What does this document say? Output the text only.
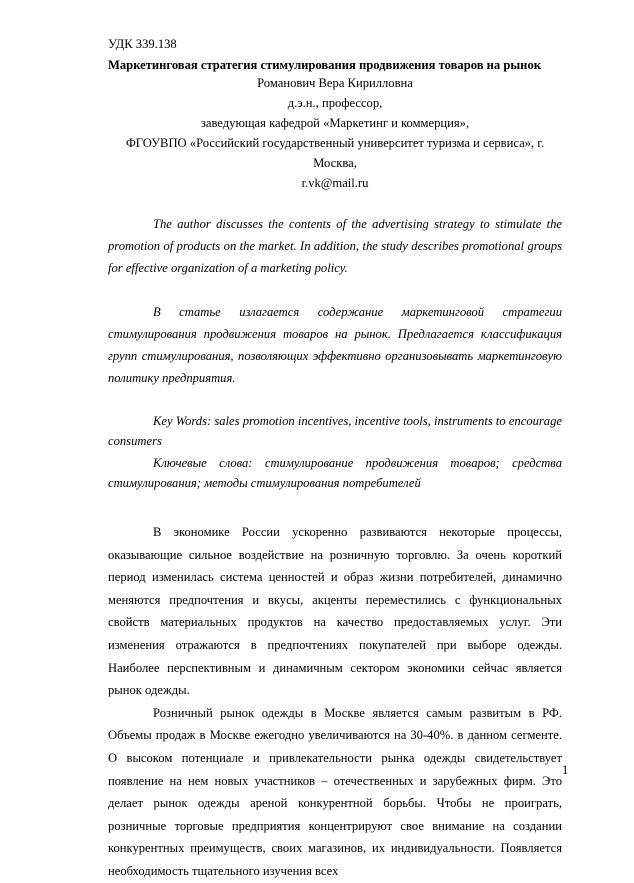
УДК 339.138

Маркетинговая стратегия стимулирования продвижения товаров на рынок

Романович Вера Кирилловна

д.э.н., профессор,

заведующая кафедрой «Маркетинг и коммерция»,

ФГОУВПО «Российский государственный университет туризма и сервиса», г. Москва,

r.vk@mail.ru

The author discusses the contents of the advertising strategy to stimulate the promotion of products on the market. In addition, the study describes promotional groups for effective organization of a marketing policy.

В статье излагается содержание маркетинговой стратегии стимулирования продвижения товаров на рынок. Предлагается классификация групп стимулирования, позволяющих эффективно организовывать маркетинговую политику предприятия.

Key Words: sales promotion incentives, incentive tools, instruments to encourage consumers

Ключевые слова: стимулирование продвижения товаров; средства стимулирования; методы стимулирования потребителей

В экономике России ускоренно развиваются некоторые процессы, оказывающие сильное воздействие на розничную торговлю. За очень короткий период изменилась система ценностей и образ жизни потребителей, динамично меняются предпочтения и вкусы, акценты переместились с функциональных свойств материальных продуктов на качество предоставляемых услуг. Эти изменения отражаются в предпочтениях покупателей при выборе одежды. Наиболее перспективным и динамичным сектором экономики сейчас является рынок одежды.

Розничный рынок одежды в Москве является самым развитым в РФ. Объемы продаж в Москве ежегодно увеличиваются на 30-40%. в данном сегменте. О высоком потенциале и привлекательности рынка одежды свидетельствует появление на нем новых участников – отечественных и зарубежных фирм. Это делает рынок одежды ареной конкурентной борьбы. Чтобы не проиграть, розничные торговые предприятия концентрируют свое внимание на создании конкурентных преимуществ, своих магазинов, их индивидуальности. Появляется необходимость тщательного изучения всех

1
